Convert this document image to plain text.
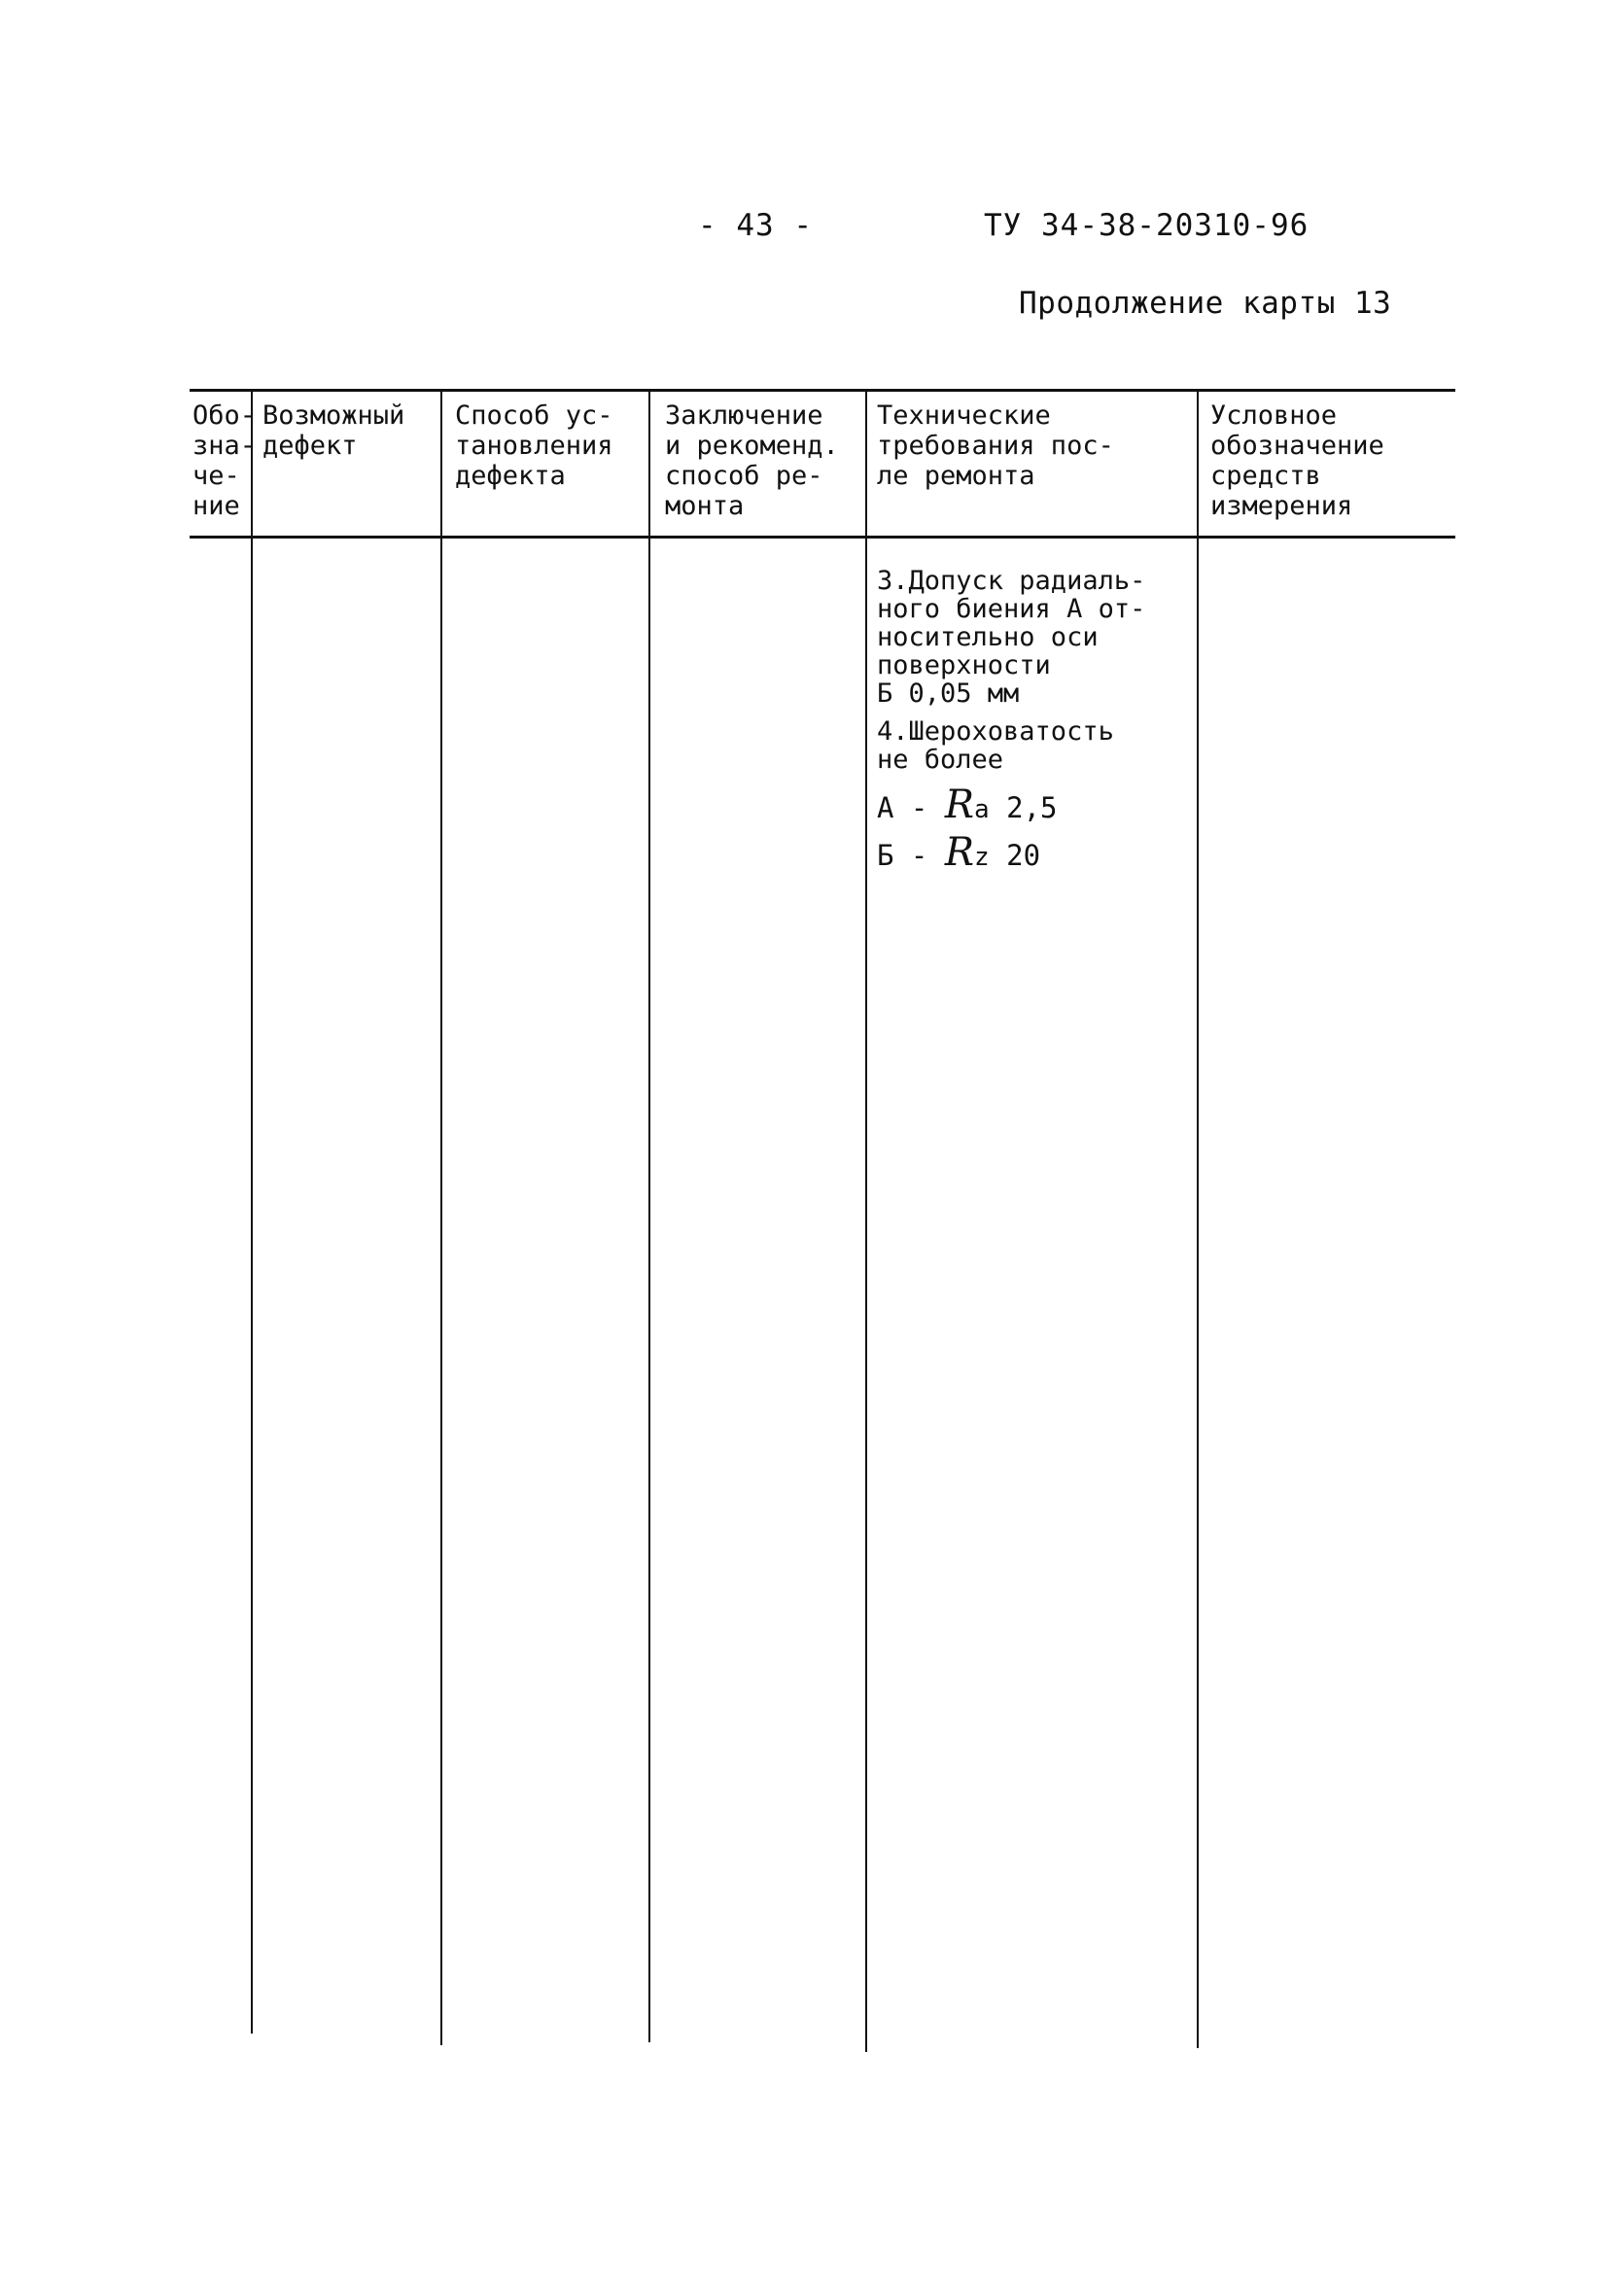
- 43 -	ТУ 34-38-20310-96
Продолжение карты 13
Обо-
зна-
че-
ние
Возможный
дефект
Способ ус-
тановления
дефекта
Заключение
и рекоменд.
способ ре-
монта
Технические
требования пос-
ле ремонта
Условное
обозначение
средств
измерения
3.Допуск радиаль-
ного биения А от-
носительно оси
поверхности
Б 0,05 мм
4.Шероховатость
не более
А - Ra 2,5
Б - Rz 20
